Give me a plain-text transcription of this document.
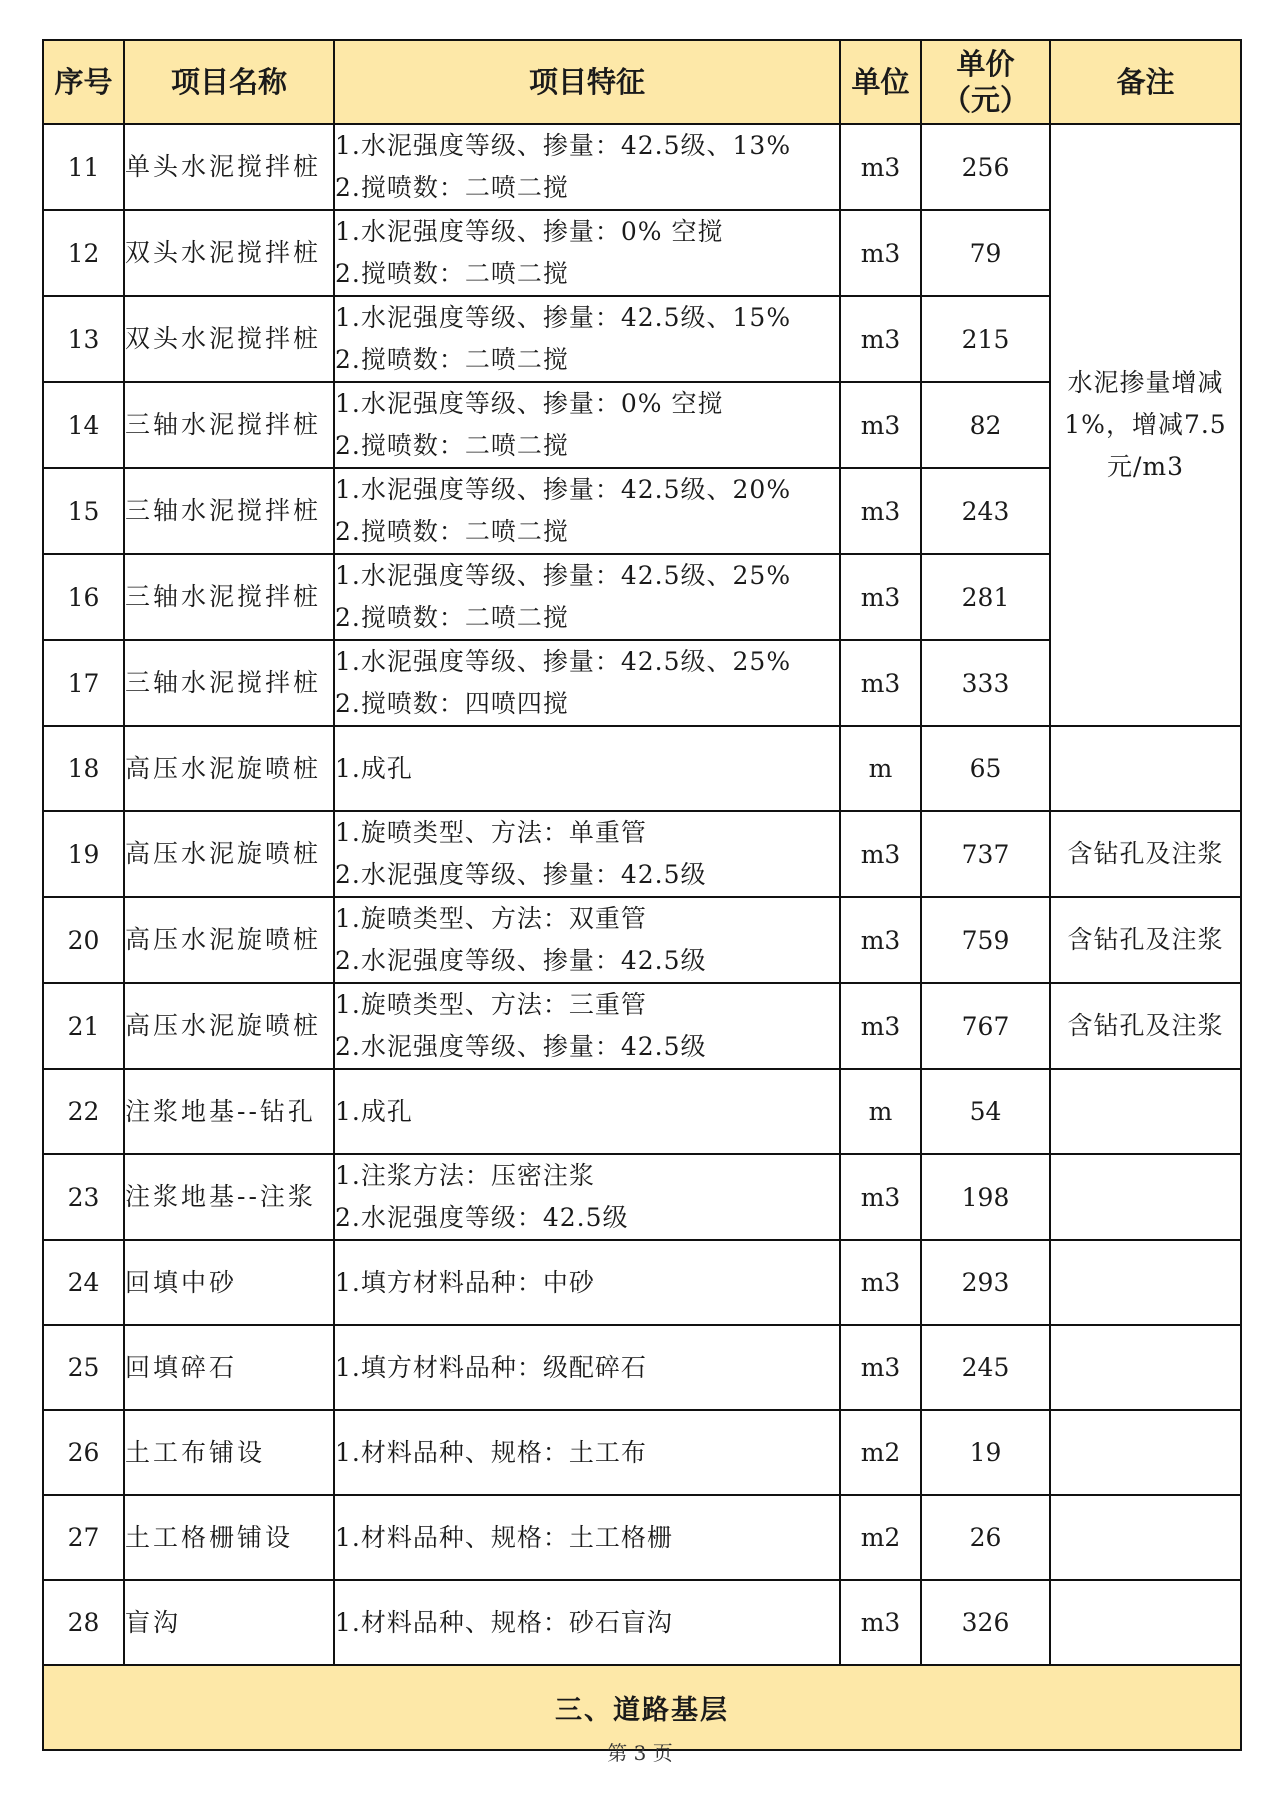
序号	项目名称	项目特征	单位	单价（元）	备注
11	单头水泥搅拌桩	1.水泥强度等级、掺量：42.5级、13%
2.搅喷数：二喷二搅	m3	256	水泥掺量增减1%，增减7.5元/m3
12	双头水泥搅拌桩	1.水泥强度等级、掺量：0% 空搅
2.搅喷数：二喷二搅	m3	79	
13	双头水泥搅拌桩	1.水泥强度等级、掺量：42.5级、15%
2.搅喷数：二喷二搅	m3	215	
14	三轴水泥搅拌桩	1.水泥强度等级、掺量：0% 空搅
2.搅喷数：二喷二搅	m3	82	
15	三轴水泥搅拌桩	1.水泥强度等级、掺量：42.5级、20%
2.搅喷数：二喷二搅	m3	243	
16	三轴水泥搅拌桩	1.水泥强度等级、掺量：42.5级、25%
2.搅喷数：二喷二搅	m3	281	
17	三轴水泥搅拌桩	1.水泥强度等级、掺量：42.5级、25%
2.搅喷数：四喷四搅	m3	333	
18	高压水泥旋喷桩	1.成孔	m	65	
19	高压水泥旋喷桩	1.旋喷类型、方法：单重管
2.水泥强度等级、掺量：42.5级	m3	737	含钻孔及注浆
20	高压水泥旋喷桩	1.旋喷类型、方法：双重管
2.水泥强度等级、掺量：42.5级	m3	759	含钻孔及注浆
21	高压水泥旋喷桩	1.旋喷类型、方法：三重管
2.水泥强度等级、掺量：42.5级	m3	767	含钻孔及注浆
22	注浆地基--钻孔	1.成孔	m	54	
23	注浆地基--注浆	1.注浆方法：压密注浆
2.水泥强度等级：42.5级	m3	198	
24	回填中砂	1.填方材料品种：中砂	m3	293	
25	回填碎石	1.填方材料品种：级配碎石	m3	245	
26	土工布铺设	1.材料品种、规格：土工布	m2	19	
27	土工格栅铺设	1.材料品种、规格：土工格栅	m2	26	
28	盲沟	1.材料品种、规格：砂石盲沟	m3	326	
三、道路基层					
第 3 页
